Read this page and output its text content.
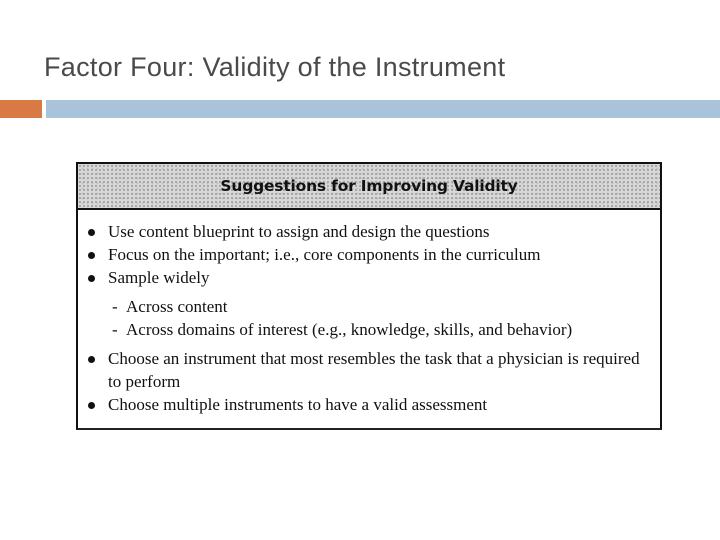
Factor Four: Validity of the Instrument
Suggestions for Improving Validity
Use content blueprint to assign and design the questions
Focus on the important; i.e., core components in the curriculum
Sample widely
- Across content
- Across domains of interest (e.g., knowledge, skills, and behavior)
Choose an instrument that most resembles the task that a physician is required to perform
Choose multiple instruments to have a valid assessment
